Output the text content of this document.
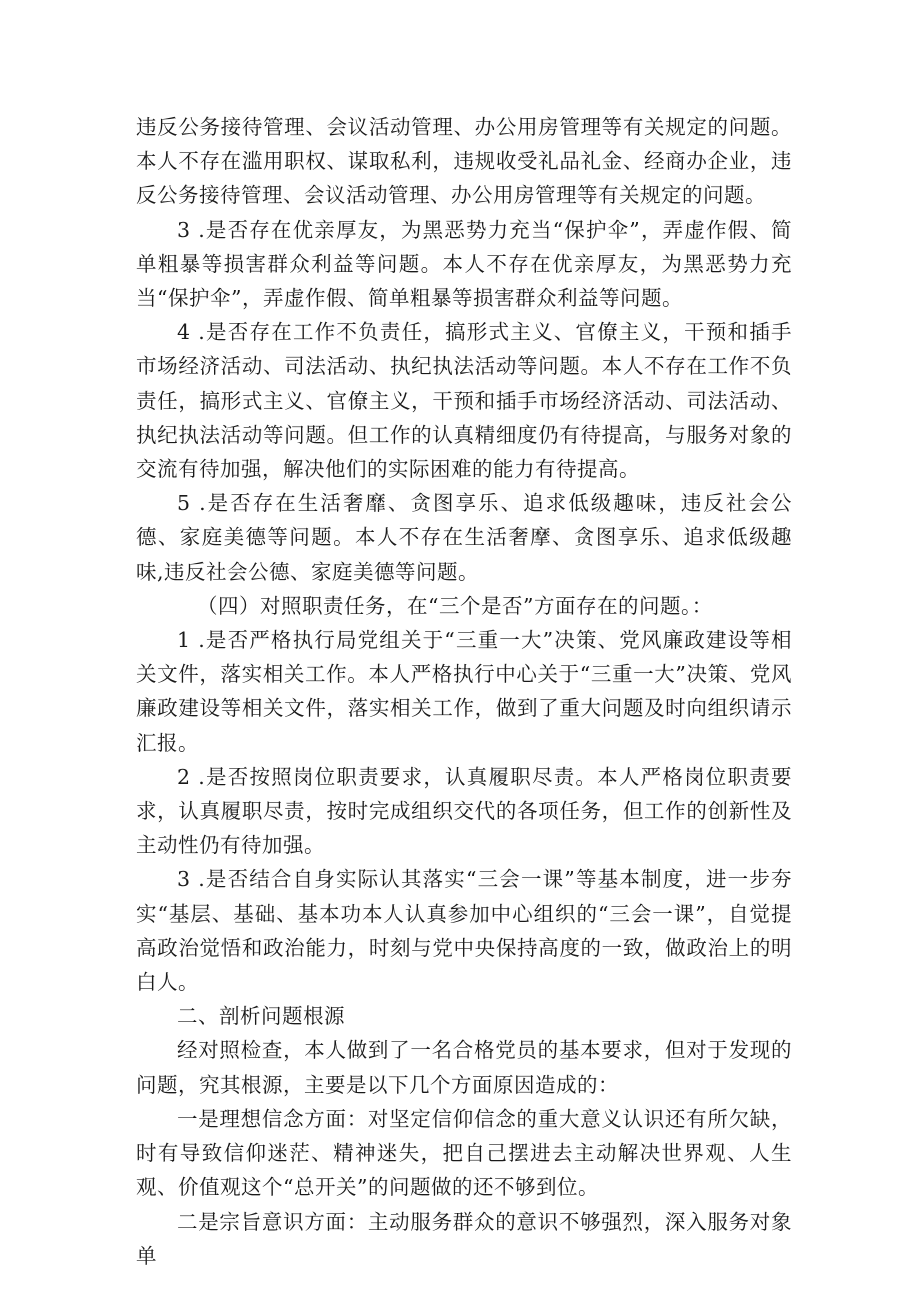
违反公务接待管理、会议活动管理、办公用房管理等有关规定的问题。本人不存在滥用职权、谋取私利，违规收受礼品礼金、经商办企业，违反公务接待管理、会议活动管理、办公用房管理等有关规定的问题。

3 .是否存在优亲厚友，为黑恶势力充当“保护伞”，弄虚作假、简单粗暴等损害群众利益等问题。本人不存在优亲厚友，为黑恶势力充当“保护伞”，弄虚作假、简单粗暴等损害群众利益等问题。

4 .是否存在工作不负责任，搞形式主义、官僚主义，干预和插手市场经济活动、司法活动、执纪执法活动等问题。本人不存在工作不负责任，搞形式主义、官僚主义，干预和插手市场经济活动、司法活动、执纪执法活动等问题。但工作的认真精细度仍有待提高，与服务对象的交流有待加强，解决他们的实际困难的能力有待提高。

5 .是否存在生活奢靡、贪图享乐、追求低级趣味，违反社会公德、家庭美德等问题。本人不存在生活奢摩、贪图享乐、追求低级趣味,违反社会公德、家庭美德等问题。

（四）对照职责任务，在“三个是否”方面存在的问题。：

1 .是否严格执行局党组关于“三重一大”决策、党风廉政建设等相关文件，落实相关工作。本人严格执行中心关于“三重一大”决策、党风廉政建设等相关文件，落实相关工作，做到了重大问题及时向组织请示汇报。

2 .是否按照岗位职责要求，认真履职尽责。本人严格岗位职责要求，认真履职尽责，按时完成组织交代的各项任务，但工作的创新性及主动性仍有待加强。

3 .是否结合自身实际认其落实“三会一课”等基本制度，进一步夯实“基层、基础、基本功本人认真参加中心组织的“三会一课”，自觉提高政治觉悟和政治能力，时刻与党中央保持高度的一致，做政治上的明白人。

二、剖析问题根源

经对照检查，本人做到了一名合格党员的基本要求，但对于发现的问题，究其根源，主要是以下几个方面原因造成的：

一是理想信念方面：对坚定信仰信念的重大意义认识还有所欠缺，时有导致信仰迷茫、精神迷失，把自己摆进去主动解决世界观、人生观、价值观这个“总开关”的问题做的还不够到位。

二是宗旨意识方面：主动服务群众的意识不够强烈，深入服务对象单
